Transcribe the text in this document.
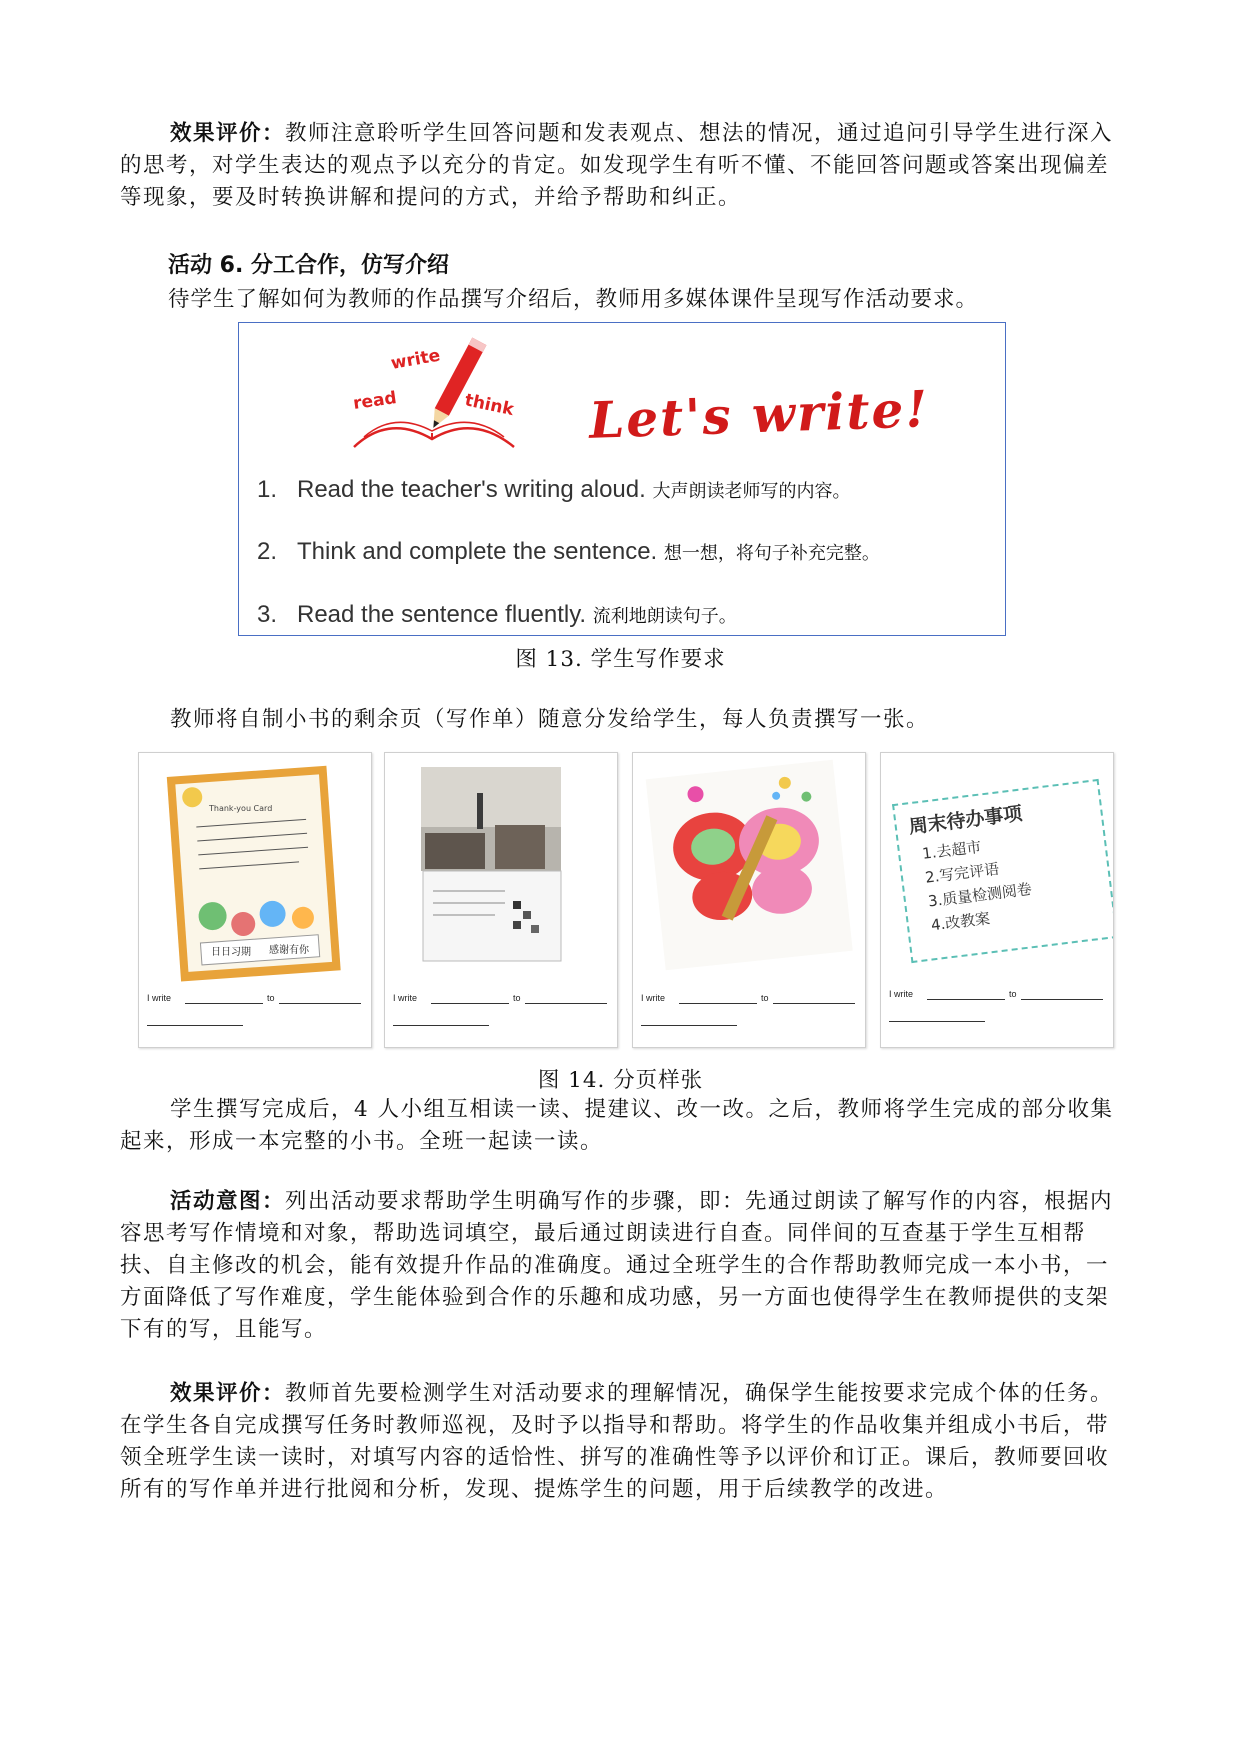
效果评价：教师注意聆听学生回答问题和发表观点、想法的情况，通过追问引导学生进行深入的思考，对学生表达的观点予以充分的肯定。如发现学生有听不懂、不能回答问题或答案出现偏差等现象，要及时转换讲解和提问的方式，并给予帮助和纠正。
活动 6. 分工合作，仿写介绍
待学生了解如何为教师的作品撰写介绍后，教师用多媒体课件呈现写作活动要求。
write
read	think Let's write!
1. Read the teacher's writing aloud. 大声朗读老师写的内容。
2. Think and complete the sentence. 想一想，将句子补充完整。
3. Read the sentence fluently. 流利地朗读句子。
图 13. 学生写作要求
教师将自制小书的剩余页（写作单）随意分发给学生，每人负责撰写一张。
Thank-you Card
日日习期 感谢有你
I write	to	I write	to	I write	to
周末待办事项
1.去超市
2.写完评语
3.质量检测阅卷
4.改教案
I write	to
图 14. 分页样张
学生撰写完成后，4 人小组互相读一读、提建议、改一改。之后，教师将学生完成的部分收集起来，形成一本完整的小书。全班一起读一读。
活动意图：列出活动要求帮助学生明确写作的步骤，即：先通过朗读了解写作的内容，根据内容思考写作情境和对象，帮助选词填空，最后通过朗读进行自查。同伴间的互查基于学生互相帮扶、自主修改的机会，能有效提升作品的准确度。通过全班学生的合作帮助教师完成一本小书，一方面降低了写作难度，学生能体验到合作的乐趣和成功感，另一方面也使得学生在教师提供的支架下有的写，且能写。
效果评价：教师首先要检测学生对活动要求的理解情况，确保学生能按要求完成个体的任务。在学生各自完成撰写任务时教师巡视，及时予以指导和帮助。将学生的作品收集并组成小书后，带领全班学生读一读时，对填写内容的适恰性、拼写的准确性等予以评价和订正。课后，教师要回收所有的写作单并进行批阅和分析，发现、提炼学生的问题，用于后续教学的改进。
